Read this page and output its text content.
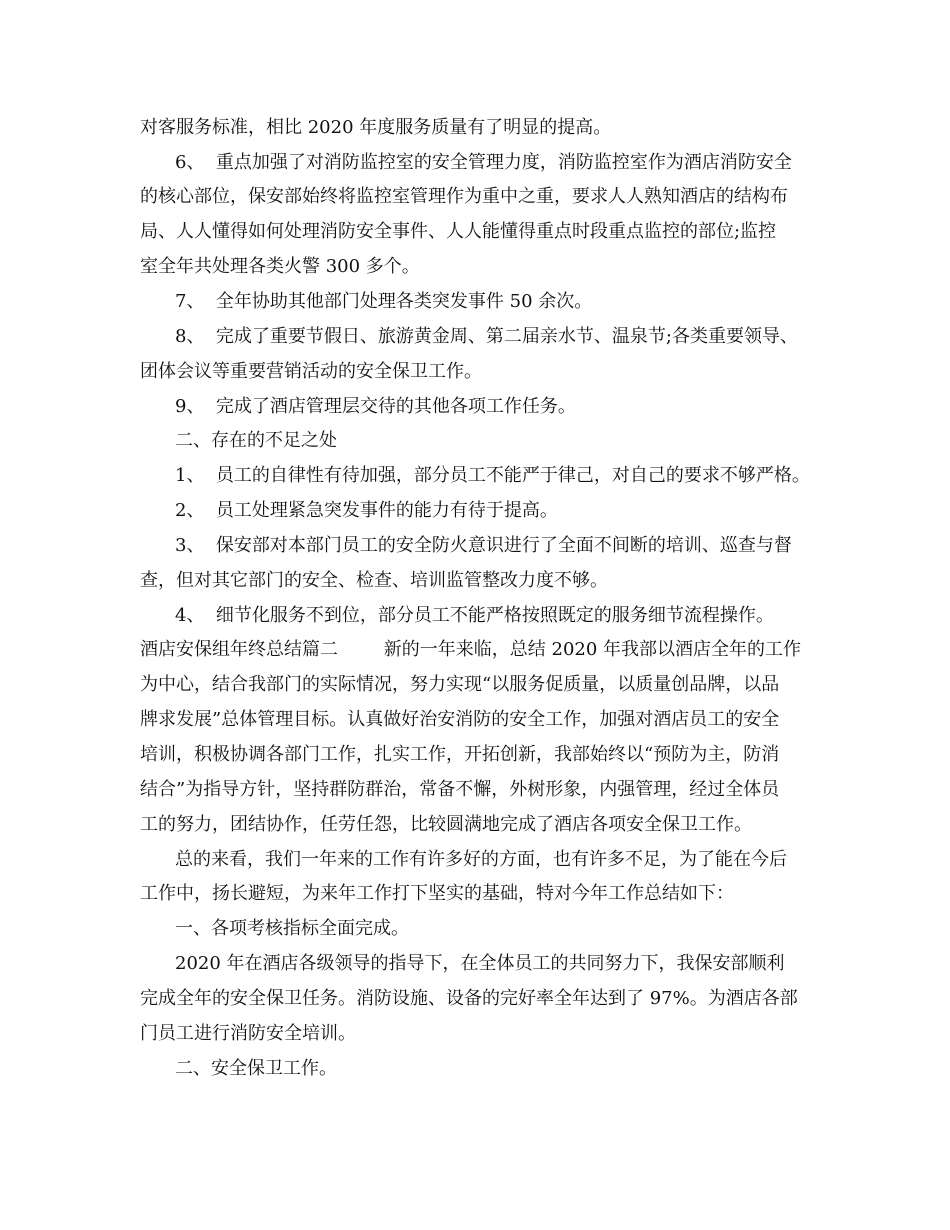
对客服务标准，相比 2020 年度服务质量有了明显的提高。
6、  重点加强了对消防监控室的安全管理力度，消防监控室作为酒店消防安全
的核心部位，保安部始终将监控室管理作为重中之重，要求人人熟知酒店的结构布
局、人人懂得如何处理消防安全事件、人人能懂得重点时段重点监控的部位;监控
室全年共处理各类火警 300 多个。
7、  全年协助其他部门处理各类突发事件 50 余次。
8、  完成了重要节假日、旅游黄金周、第二届亲水节、温泉节;各类重要领导、
团体会议等重要营销活动的安全保卫工作。
9、  完成了酒店管理层交待的其他各项工作任务。
二、存在的不足之处
1、  员工的自律性有待加强，部分员工不能严于律己，对自己的要求不够严格。
2、  员工处理紧急突发事件的能力有待于提高。
3、  保安部对本部门员工的安全防火意识进行了全面不间断的培训、巡查与督
查，但对其它部门的安全、检查、培训监管整改力度不够。
4、  细节化服务不到位，部分员工不能严格按照既定的服务细节流程操作。
酒店安保组年终总结篇二        新的一年来临，总结 2020 年我部以酒店全年的工作
为中心，结合我部门的实际情况，努力实现“以服务促质量，以质量创品牌，以品
牌求发展”总体管理目标。认真做好治安消防的安全工作，加强对酒店员工的安全
培训，积极协调各部门工作，扎实工作，开拓创新，我部始终以“预防为主，防消
结合”为指导方针，坚持群防群治，常备不懈，外树形象，内强管理，经过全体员
工的努力，团结协作，任劳任怨，比较圆满地完成了酒店各项安全保卫工作。
总的来看，我们一年来的工作有许多好的方面，也有许多不足，为了能在今后
工作中，扬长避短，为来年工作打下坚实的基础，特对今年工作总结如下：
一、各项考核指标全面完成。
2020 年在酒店各级领导的指导下，在全体员工的共同努力下，我保安部顺利
完成全年的安全保卫任务。消防设施、设备的完好率全年达到了 97%。为酒店各部
门员工进行消防安全培训。
二、安全保卫工作。
